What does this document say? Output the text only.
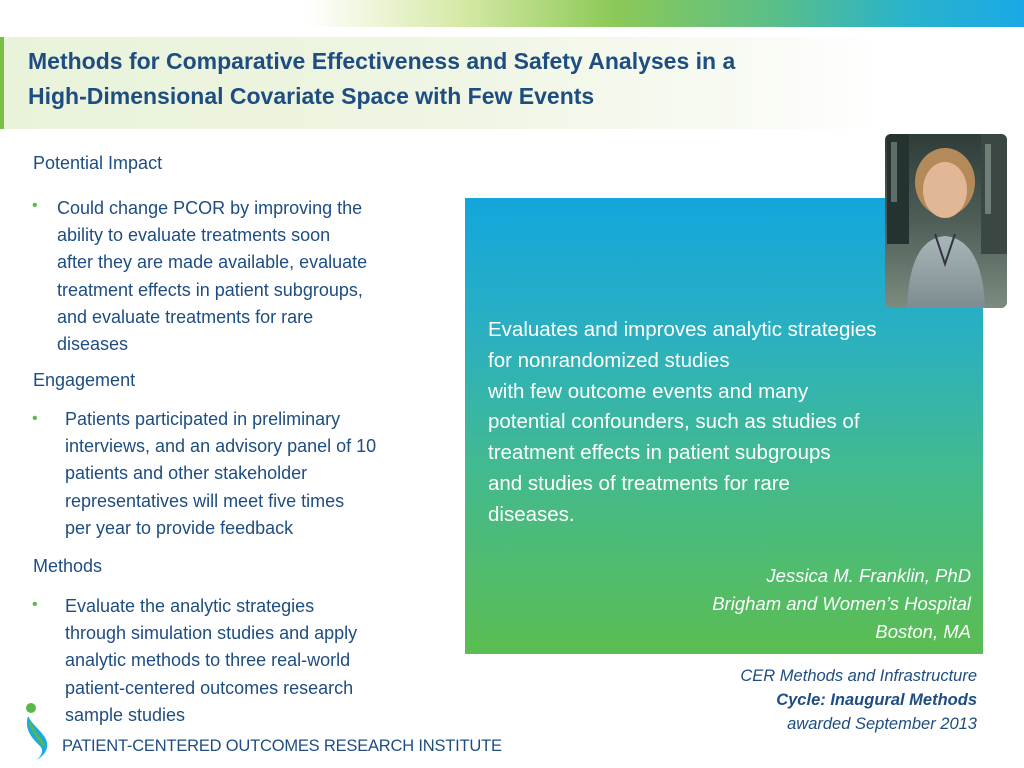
Methods for Comparative Effectiveness and Safety Analyses in a
High-Dimensional Covariate Space with Few Events
Potential Impact
• Could change PCOR by improving the
ability to evaluate treatments soon
after they are made available, evaluate
treatment effects in patient subgroups,
and evaluate treatments for rare
diseases
Engagement
• Patients participated in preliminary
interviews, and an advisory panel of 10
patients and other stakeholder
representatives will meet five times
per year to provide feedback
Methods
• Evaluate the analytic strategies
through simulation studies and apply
analytic methods to three real-world
patient-centered outcomes research
sample studies
Evaluates and improves analytic strategies
for nonrandomized studies
with few outcome events and many
potential confounders, such as studies of
treatment effects in patient subgroups
and studies of treatments for rare
diseases.
Jessica M. Franklin, PhD
Brigham and Women’s Hospital
Boston, MA
CER Methods and Infrastructure
Cycle: Inaugural Methods
awarded September 2013
PATIENT-CENTERED OUTCOMES RESEARCH INSTITUTE
